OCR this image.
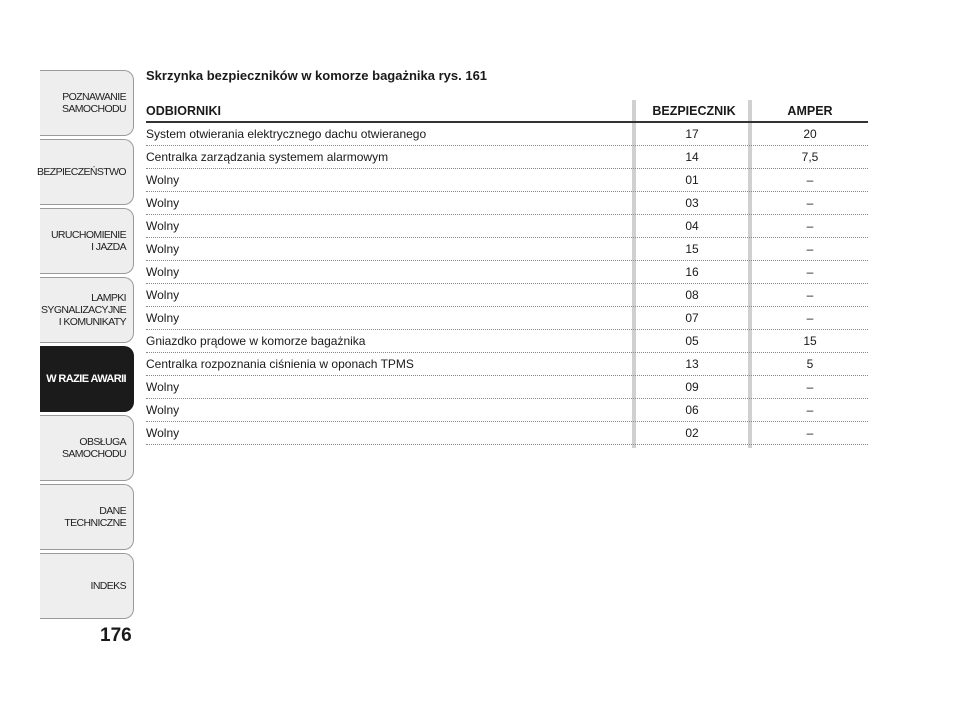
POZNAWANIE
SAMOCHODU
BEZPIECZEŃSTWO
URUCHOMIENIE
I JAZDA
LAMPKI
SYGNALIZACYJNE
I KOMUNIKATY
W RAZIE AWARII
OBSŁUGA
SAMOCHODU
DANE
TECHNICZNE
INDEKS
176
Skrzynka bezpieczników w komorze bagażnika rys. 161
ODBIORNIKI	BEZPIECZNIK	AMPER
System otwierania elektrycznego dachu otwieranego	17	20
Centralka zarządzania systemem alarmowym	14	7,5
Wolny	01	–
Wolny	03	–
Wolny	04	–
Wolny	15	–
Wolny	16	–
Wolny	08	–
Wolny	07	–
Gniazdko prądowe w komorze bagażnika	05	15
Centralka rozpoznania ciśnienia w oponach TPMS	13	5
Wolny	09	–
Wolny	06	–
Wolny	02	–
